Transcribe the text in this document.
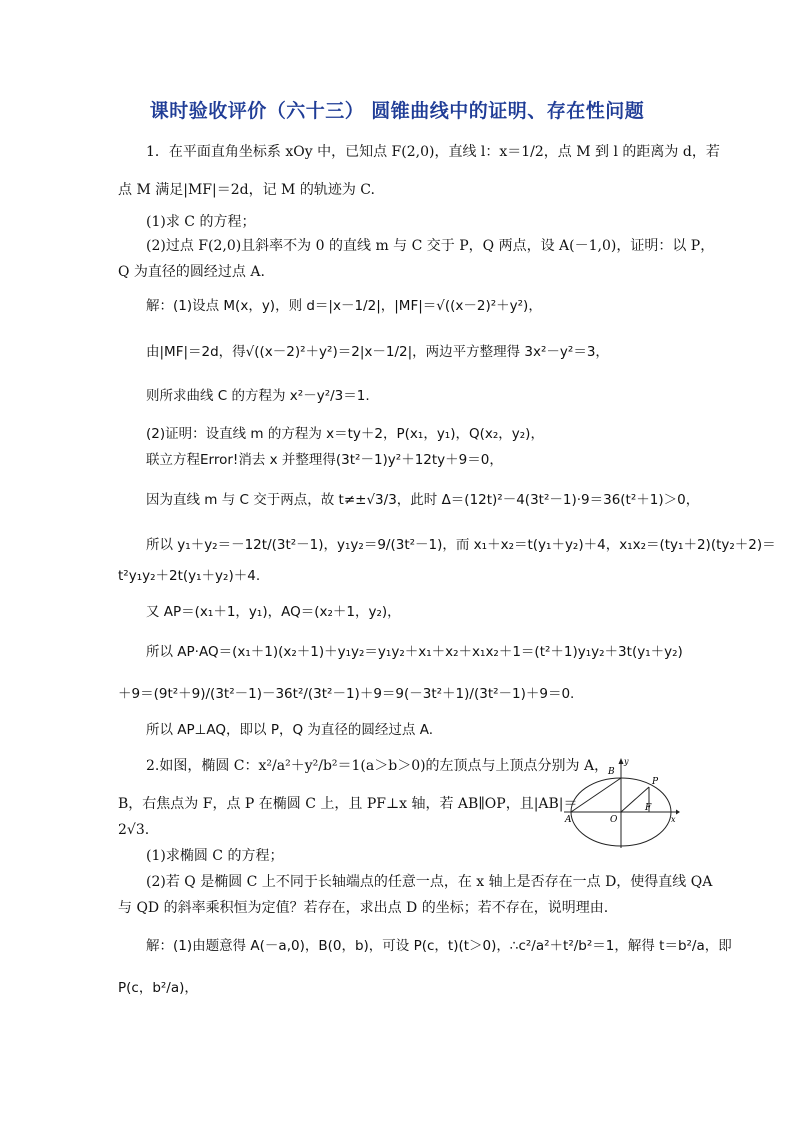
课时验收评价（六十三） 圆锥曲线中的证明、存在性问题
1．在平面直角坐标系 xOy 中，已知点 F(2,0)，直线 l：x＝1/2，点 M 到 l 的距离为 d，若
点 M 满足|MF|＝2d，记 M 的轨迹为 C.
(1)求 C 的方程；
(2)过点 F(2,0)且斜率不为 0 的直线 m 与 C 交于 P，Q 两点，设 A(－1,0)，证明：以 P，
Q 为直径的圆经过点 A.
解：(1)设点 M(x，y)，则 d＝|x－1/2|，|MF|＝√((x－2)²＋y²)，
由|MF|＝2d，得√((x－2)²＋y²)＝2|x－1/2|，两边平方整理得 3x²－y²＝3，
则所求曲线 C 的方程为 x²－y²/3＝1.
(2)证明：设直线 m 的方程为 x＝ty＋2，P(x₁，y₁)，Q(x₂，y₂)，
联立方程Error!消去 x 并整理得(3t²－1)y²＋12ty＋9＝0，
因为直线 m 与 C 交于两点，故 t≠±√3/3，此时 Δ＝(12t)²－4(3t²－1)·9＝36(t²＋1)＞0，
所以 y₁＋y₂＝－12t/(3t²－1)，y₁y₂＝9/(3t²－1)，而 x₁＋x₂＝t(y₁＋y₂)＋4，x₁x₂＝(ty₁＋2)(ty₂＋2)＝
t²y₁y₂＋2t(y₁＋y₂)＋4.
又 AP＝(x₁＋1，y₁)，AQ＝(x₂＋1，y₂)，
所以 AP·AQ＝(x₁＋1)(x₂＋1)＋y₁y₂＝y₁y₂＋x₁＋x₂＋x₁x₂＋1＝(t²＋1)y₁y₂＋3t(y₁＋y₂)
＋9＝(9t²＋9)/(3t²－1)－36t²/(3t²－1)＋9＝9(－3t²＋1)/(3t²－1)＋9＝0.
所以 AP⊥AQ，即以 P，Q 为直径的圆经过点 A.
2.如图，椭圆 C：x²/a²＋y²/b²＝1(a＞b＞0)的左顶点与上顶点分别为 A，
B，右焦点为 F，点 P 在椭圆 C 上，且 PF⊥x 轴，若 AB∥OP，且|AB|＝
2√3.
(1)求椭圆 C 的方程；
(2)若 Q 是椭圆 C 上不同于长轴端点的任意一点，在 x 轴上是否存在一点 D，使得直线 QA
与 QD 的斜率乘积恒为定值？若存在，求出点 D 的坐标；若不存在，说明理由.
解：(1)由题意得 A(－a,0)，B(0，b)，可设 P(c，t)(t＞0)，∴c²/a²＋t²/b²＝1，解得 t＝b²/a，即
P(c，b²/a)，
B
y
P
A	O
F
x
